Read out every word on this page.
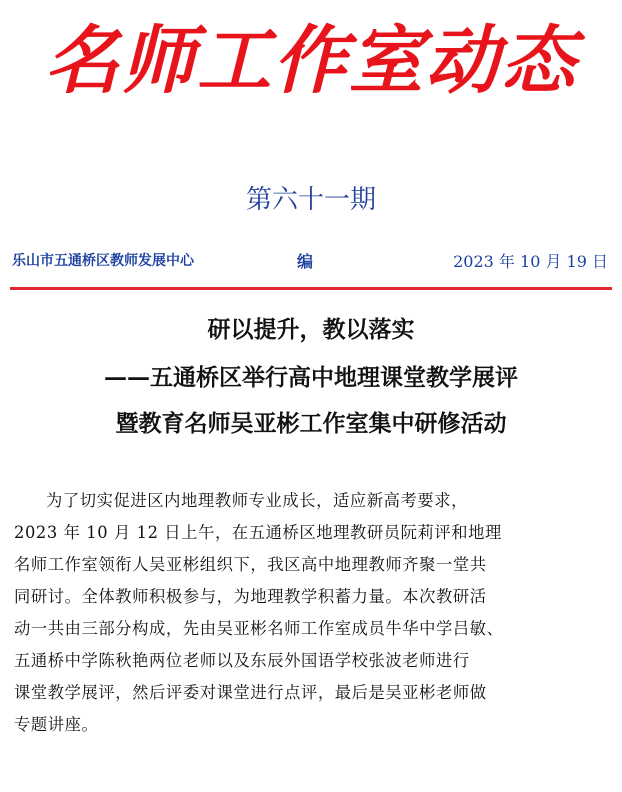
名师工作室动态
第六十一期
乐山市五通桥区教师发展中心	编	2023 年 10 月 19 日
研以提升，教以落实
——五通桥区举行高中地理课堂教学展评
暨教育名师吴亚彬工作室集中研修活动
为了切实促进区内地理教师专业成长，适应新高考要求，
2023 年 10 月 12 日上午，在五通桥区地理教研员阮莉评和地理
名师工作室领衔人吴亚彬组织下，我区高中地理教师齐聚一堂共
同研讨。全体教师积极参与，为地理教学积蓄力量。本次教研活
动一共由三部分构成，先由吴亚彬名师工作室成员牛华中学吕敏、
五通桥中学陈秋艳两位老师以及东辰外国语学校张波老师进行
课堂教学展评，然后评委对课堂进行点评，最后是吴亚彬老师做
专题讲座。
